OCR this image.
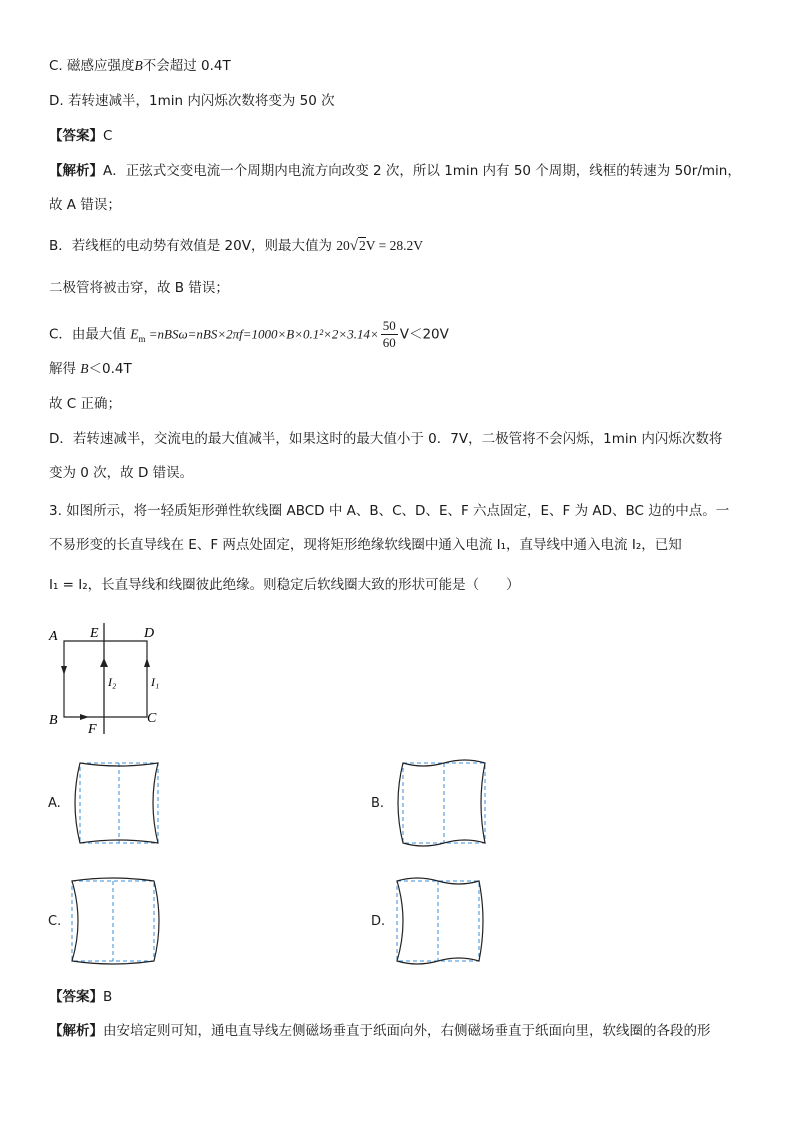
C. 磁感应强度B不会超过 0.4T
D. 若转速减半，1min 内闪烁次数将变为 50 次
【答案】C
【解析】A．正弦式交变电流一个周期内电流方向改变 2 次，所以 1min 内有 50 个周期，线框的转速为 50r/min，
故 A 错误；
B．若线框的电动势有效值是 20V，则最大值为 20√2V = 28.2V
二极管将被击穿，故 B 错误；
C．由最大值 $E_m =nBS\omega=nBS\times 2\pi f=1000\times B\times 0.1^2\times 2\times 3.14\times \frac{50}{60} V<20V$
解得 B＜0.4T
故 C 正确；
D．若转速减半，交流电的最大值减半，如果这时的最大值小于 0．7V，二极管将不会闪烁，1min 内闪烁次数将
变为 0 次，故 D 错误。
3. 如图所示，将一轻质矩形弹性软线圈 ABCD 中 A、B、C、D、E、F 六点固定，E、F 为 AD、BC 边的中点。一
不易形变的长直导线在 E、F 两点处固定，现将矩形绝缘软线圈中通入电流 I₁，直导线中通入电流 I₂，已知
I₁ = I₂，长直导线和线圈彼此绝缘。则稳定后软线圈大致的形状可能是（　　）
A E	D
B
F
C
I₂	I₁
A.	B.
C.	D.
【答案】B
【解析】由安培定则可知，通电直导线左侧磁场垂直于纸面向外，右侧磁场垂直于纸面向里，软线圈的各段的形
